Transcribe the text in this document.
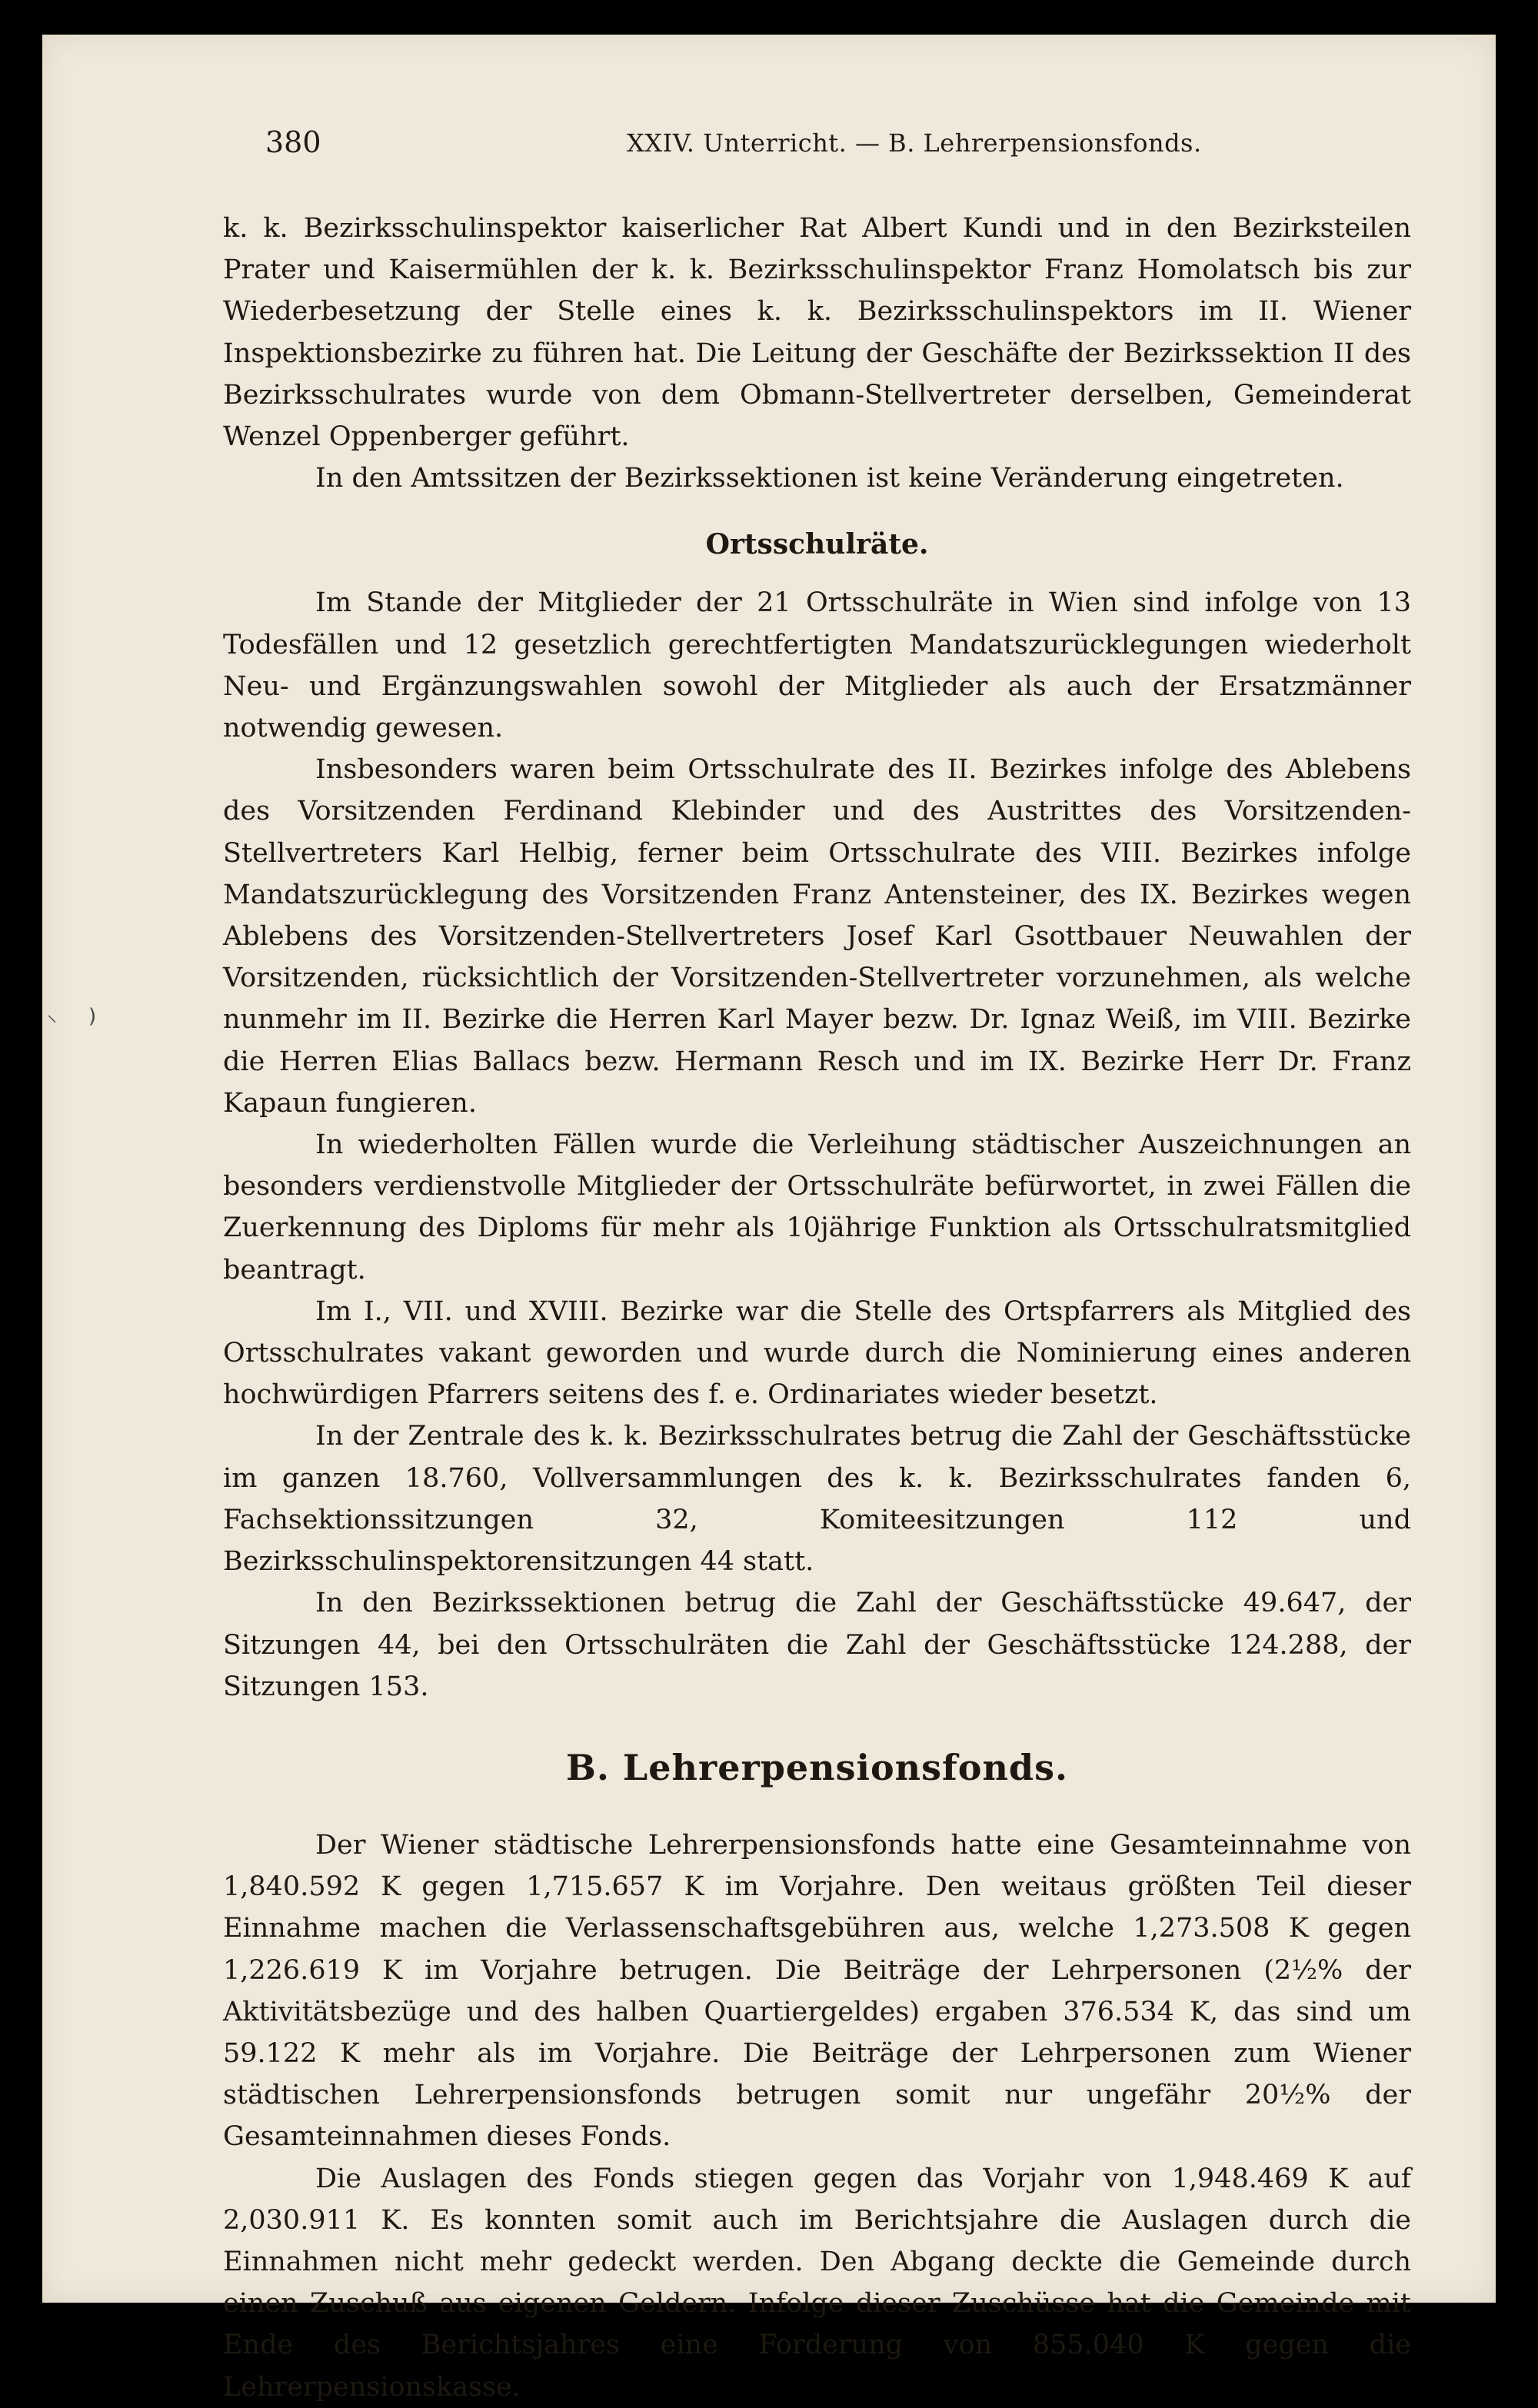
380	XXIV. Unterricht. — B. Lehrerpensionsfonds.
⸜ )

k. k. Bezirksschulinspektor kaiserlicher Rat Albert Kundi und in den Bezirksteilen Prater und Kaisermühlen der k. k. Bezirksschulinspektor Franz Homolatsch bis zur Wiederbesetzung der Stelle eines k. k. Bezirksschulinspektors im II. Wiener Inspektionsbezirke zu führen hat. Die Leitung der Geschäfte der Bezirkssektion II des Bezirksschulrates wurde von dem Obmann-Stellvertreter derselben, Gemeinderat Wenzel Oppenberger geführt.

In den Amtssitzen der Bezirkssektionen ist keine Veränderung eingetreten.

Ortsschulräte.

Im Stande der Mitglieder der 21 Ortsschulräte in Wien sind infolge von 13 Todesfällen und 12 gesetzlich gerechtfertigten Mandatszurücklegungen wiederholt Neu- und Ergänzungswahlen sowohl der Mitglieder als auch der Ersatzmänner notwendig gewesen.

Insbesonders waren beim Ortsschulrate des II. Bezirkes infolge des Ablebens des Vorsitzenden Ferdinand Klebinder und des Austrittes des Vorsitzenden-Stellvertreters Karl Helbig, ferner beim Ortsschulrate des VIII. Bezirkes infolge Mandatszurücklegung des Vorsitzenden Franz Antensteiner, des IX. Bezirkes wegen Ablebens des Vorsitzenden-Stellvertreters Josef Karl Gsottbauer Neuwahlen der Vorsitzenden, rücksichtlich der Vorsitzenden-Stellvertreter vorzunehmen, als welche nunmehr im II. Bezirke die Herren Karl Mayer bezw. Dr. Ignaz Weiß, im VIII. Bezirke die Herren Elias Ballacs bezw. Hermann Resch und im IX. Bezirke Herr Dr. Franz Kapaun fungieren.

In wiederholten Fällen wurde die Verleihung städtischer Auszeichnungen an besonders verdienstvolle Mitglieder der Ortsschulräte befürwortet, in zwei Fällen die Zuerkennung des Diploms für mehr als 10jährige Funktion als Ortsschulratsmitglied beantragt.

Im I., VII. und XVIII. Bezirke war die Stelle des Ortspfarrers als Mitglied des Ortsschulrates vakant geworden und wurde durch die Nominierung eines anderen hochwürdigen Pfarrers seitens des f. e. Ordinariates wieder besetzt.

In der Zentrale des k. k. Bezirksschulrates betrug die Zahl der Geschäftsstücke im ganzen 18.760, Vollversammlungen des k. k. Bezirksschulrates fanden 6, Fachsektionssitzungen 32, Komiteesitzungen 112 und Bezirksschulinspektorensitzungen 44 statt.

In den Bezirkssektionen betrug die Zahl der Geschäftsstücke 49.647, der Sitzungen 44, bei den Ortsschulräten die Zahl der Geschäftsstücke 124.288, der Sitzungen 153.

B. Lehrerpensionsfonds.

Der Wiener städtische Lehrerpensionsfonds hatte eine Gesamteinnahme von 1,840.592 K gegen 1,715.657 K im Vorjahre. Den weitaus größten Teil dieser Einnahme machen die Verlassenschaftsgebühren aus, welche 1,273.508 K gegen 1,226.619 K im Vorjahre betrugen. Die Beiträge der Lehrpersonen (2½% der Aktivitätsbezüge und des halben Quartiergeldes) ergaben 376.534 K, das sind um 59.122 K mehr als im Vorjahre. Die Beiträge der Lehrpersonen zum Wiener städtischen Lehrerpensionsfonds betrugen somit nur ungefähr 20½% der Gesamteinnahmen dieses Fonds.

Die Auslagen des Fonds stiegen gegen das Vorjahr von 1,948.469 K auf 2,030.911 K. Es konnten somit auch im Berichtsjahre die Auslagen durch die Einnahmen nicht mehr gedeckt werden. Den Abgang deckte die Gemeinde durch einen Zuschuß aus eigenen Geldern. Infolge dieser Zuschüsse hat die Gemeinde mit Ende des Berichtsjahres eine Forderung von 855.040 K gegen die Lehrerpensionskasse.
